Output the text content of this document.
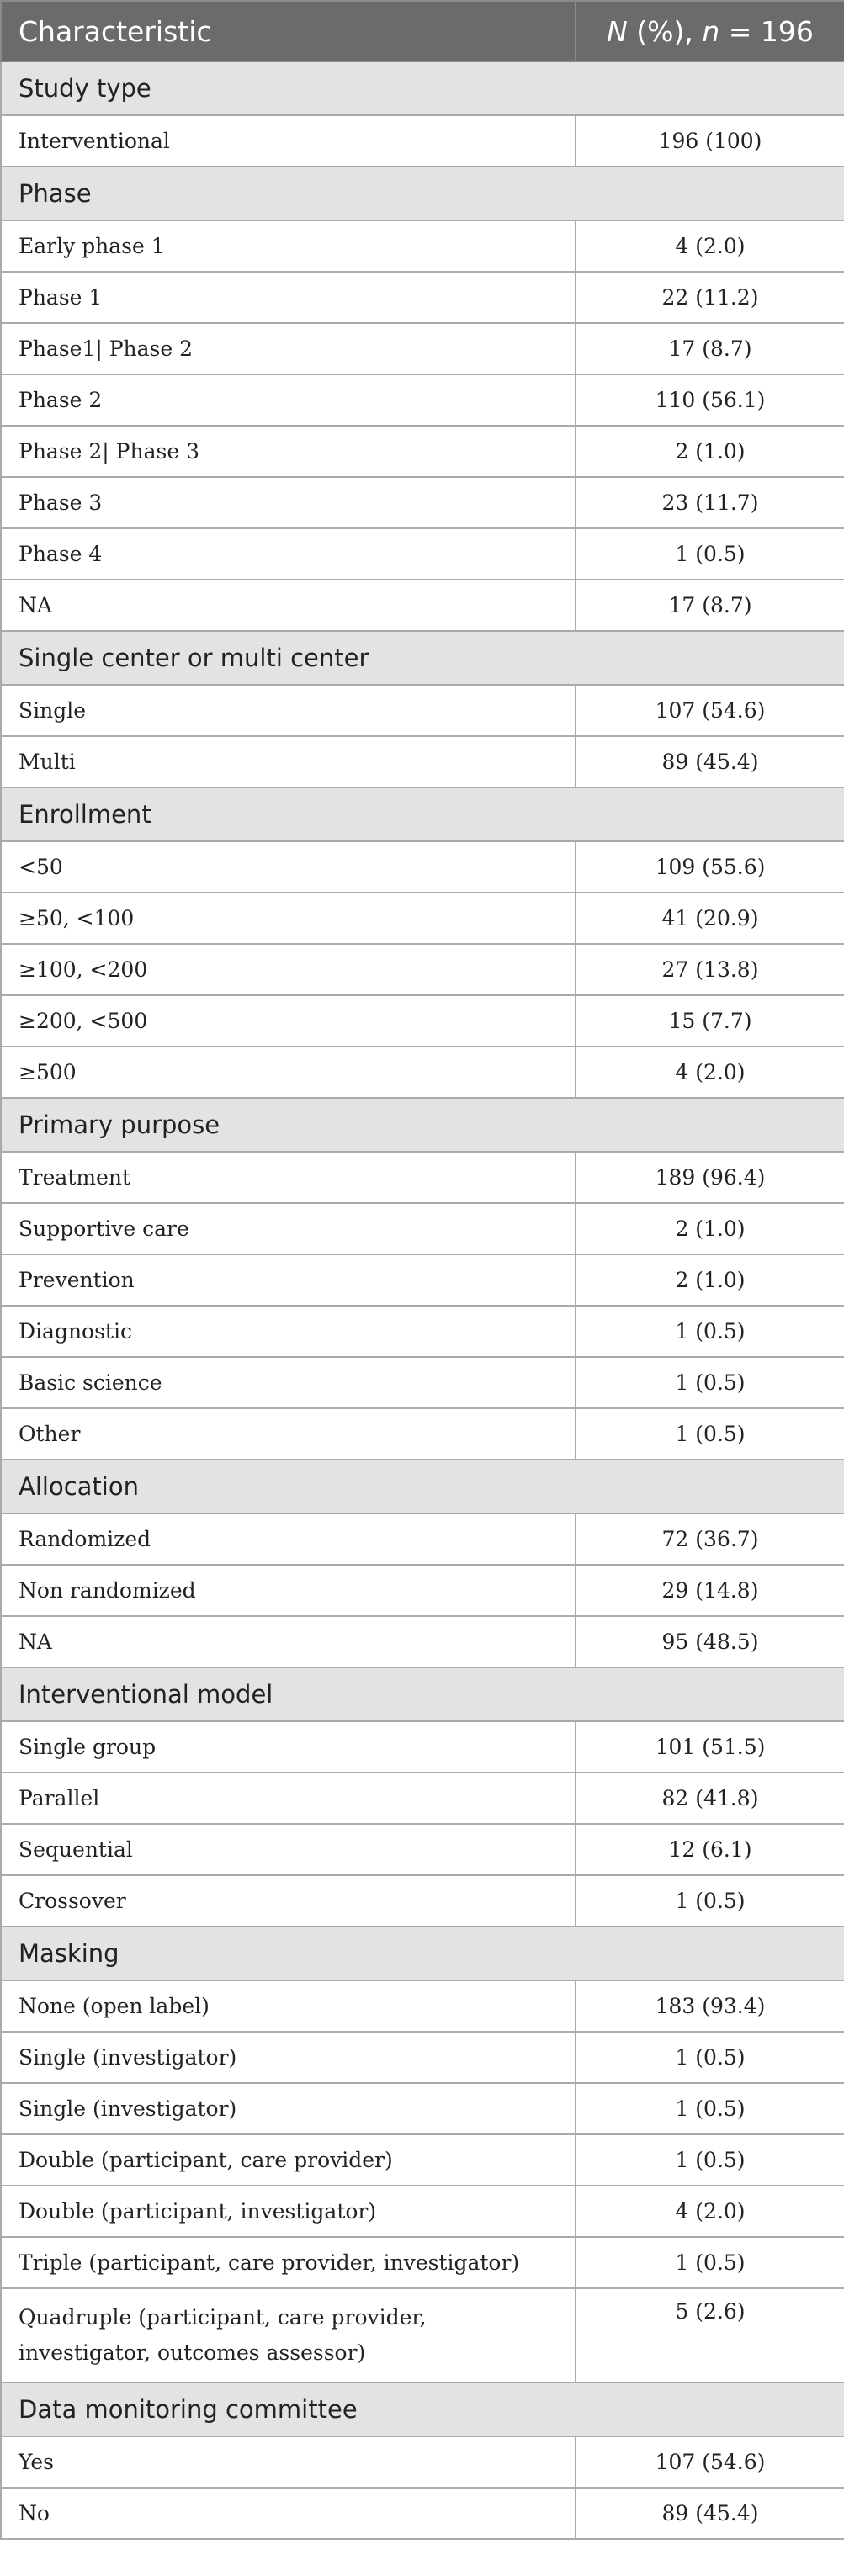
Characteristic	N (%), n = 196
Study type	
Interventional	196 (100)
Phase	
Early phase 1	4 (2.0)
Phase 1	22 (11.2)
Phase1| Phase 2	17 (8.7)
Phase 2	110 (56.1)
Phase 2| Phase 3	2 (1.0)
Phase 3	23 (11.7)
Phase 4	1 (0.5)
NA	17 (8.7)
Single center or multi center	
Single	107 (54.6)
Multi	89 (45.4)
Enrollment	
<50	109 (55.6)
≥50, <100	41 (20.9)
≥100, <200	27 (13.8)
≥200, <500	15 (7.7)
≥500	4 (2.0)
Primary purpose	
Treatment	189 (96.4)
Supportive care	2 (1.0)
Prevention	2 (1.0)
Diagnostic	1 (0.5)
Basic science	1 (0.5)
Other	1 (0.5)
Allocation	
Randomized	72 (36.7)
Non randomized	29 (14.8)
NA	95 (48.5)
Interventional model	
Single group	101 (51.5)
Parallel	82 (41.8)
Sequential	12 (6.1)
Crossover	1 (0.5)
Masking	
None (open label)	183 (93.4)
Single (investigator)	1 (0.5)
Single (investigator)	1 (0.5)
Double (participant, care provider)	1 (0.5)
Double (participant, investigator)	4 (2.0)
Triple (participant, care provider, investigator)	1 (0.5)
Quadruple (participant, care provider, investigator, outcomes assessor)	5 (2.6)
Data monitoring committee	
Yes	107 (54.6)
No	89 (45.4)
